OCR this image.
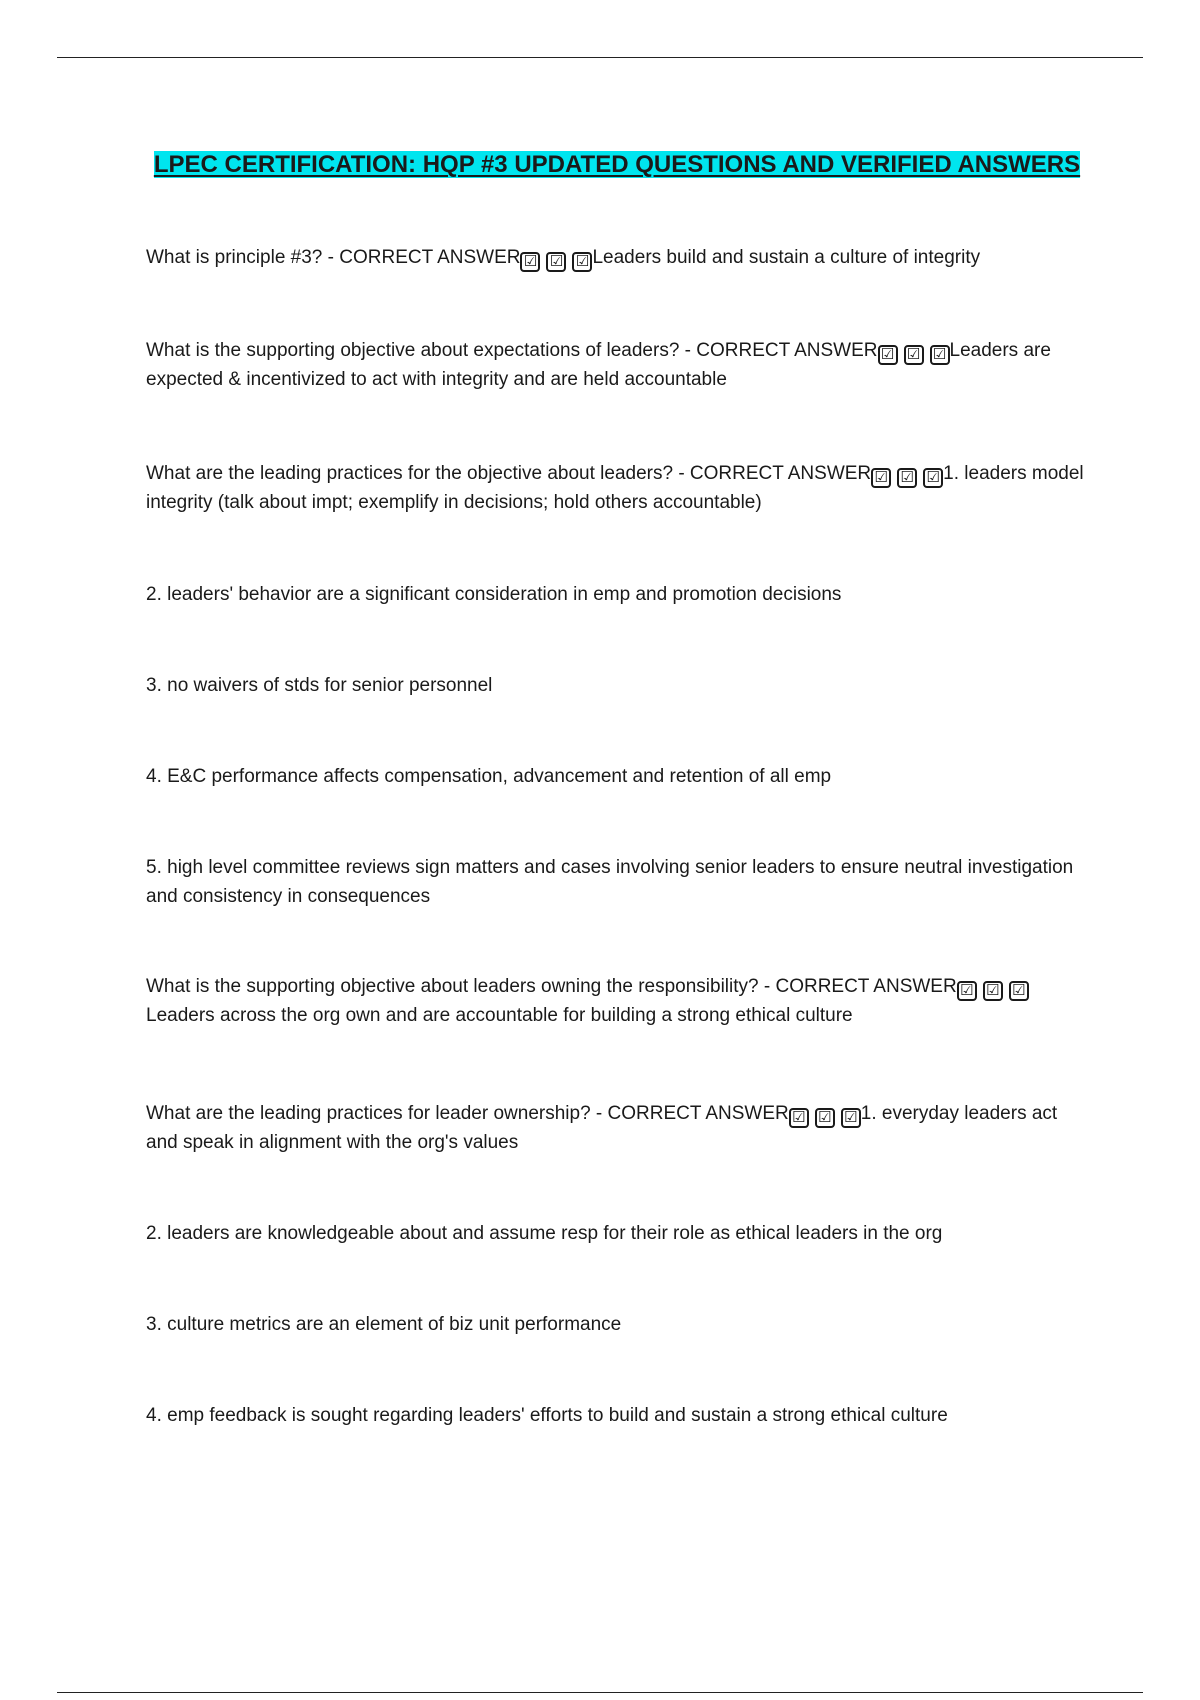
LPEC CERTIFICATION: HQP #3 UPDATED QUESTIONS AND VERIFIED ANSWERS

What is principle #3? - CORRECT ANSWER ☑ ☑ ☑ Leaders build and sustain a culture of integrity

What is the supporting objective about expectations of leaders? - CORRECT ANSWER ☑ ☑ ☑ Leaders are expected & incentivized to act with integrity and are held accountable

What are the leading practices for the objective about leaders? - CORRECT ANSWER ☑ ☑ ☑ 1. leaders model integrity (talk about impt; exemplify in decisions; hold others accountable)

2. leaders' behavior are a significant consideration in emp and promotion decisions

3. no waivers of stds for senior personnel

4. E&C performance affects compensation, advancement and retention of all emp

5. high level committee reviews sign matters and cases involving senior leaders to ensure neutral investigation and consistency in consequences

What is the supporting objective about leaders owning the responsibility? - CORRECT ANSWER ☑ ☑ ☑Leaders across the org own and are accountable for building a strong ethical culture

What are the leading practices for leader ownership? - CORRECT ANSWER ☑ ☑ ☑ 1. everyday leaders act and speak in alignment with the org's values

2. leaders are knowledgeable about and assume resp for their role as ethical leaders in the org

3. culture metrics are an element of biz unit performance

4. emp feedback is sought regarding leaders' efforts to build and sustain a strong ethical culture
